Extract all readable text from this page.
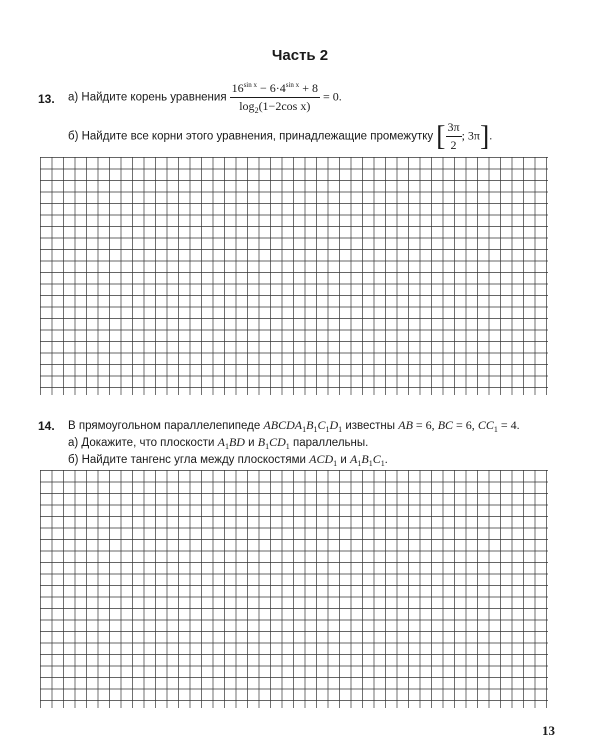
Часть 2
13. а) Найдите корень уравнения $\frac{16^{sin x} - 6\cdot 4^{sin x} + 8}{\log_2(1-2\cos x)} = 0$.
б) Найдите все корни этого уравнения, принадлежащие промежутку [ $\frac{3\pi}{2}$ ; 3π].
14. В прямоугольном параллелепипеде $ABCDA_1B_1C_1D_1$ известны AB = 6, BC = 6, $CC_1 = 4$.
а) Докажите, что плоскости $A_1BD$ и $B_1CD_1$ параллельны.
б) Найдите тангенс угла между плоскостями $ACD_1$ и $A_1B_1C_1$.
13
